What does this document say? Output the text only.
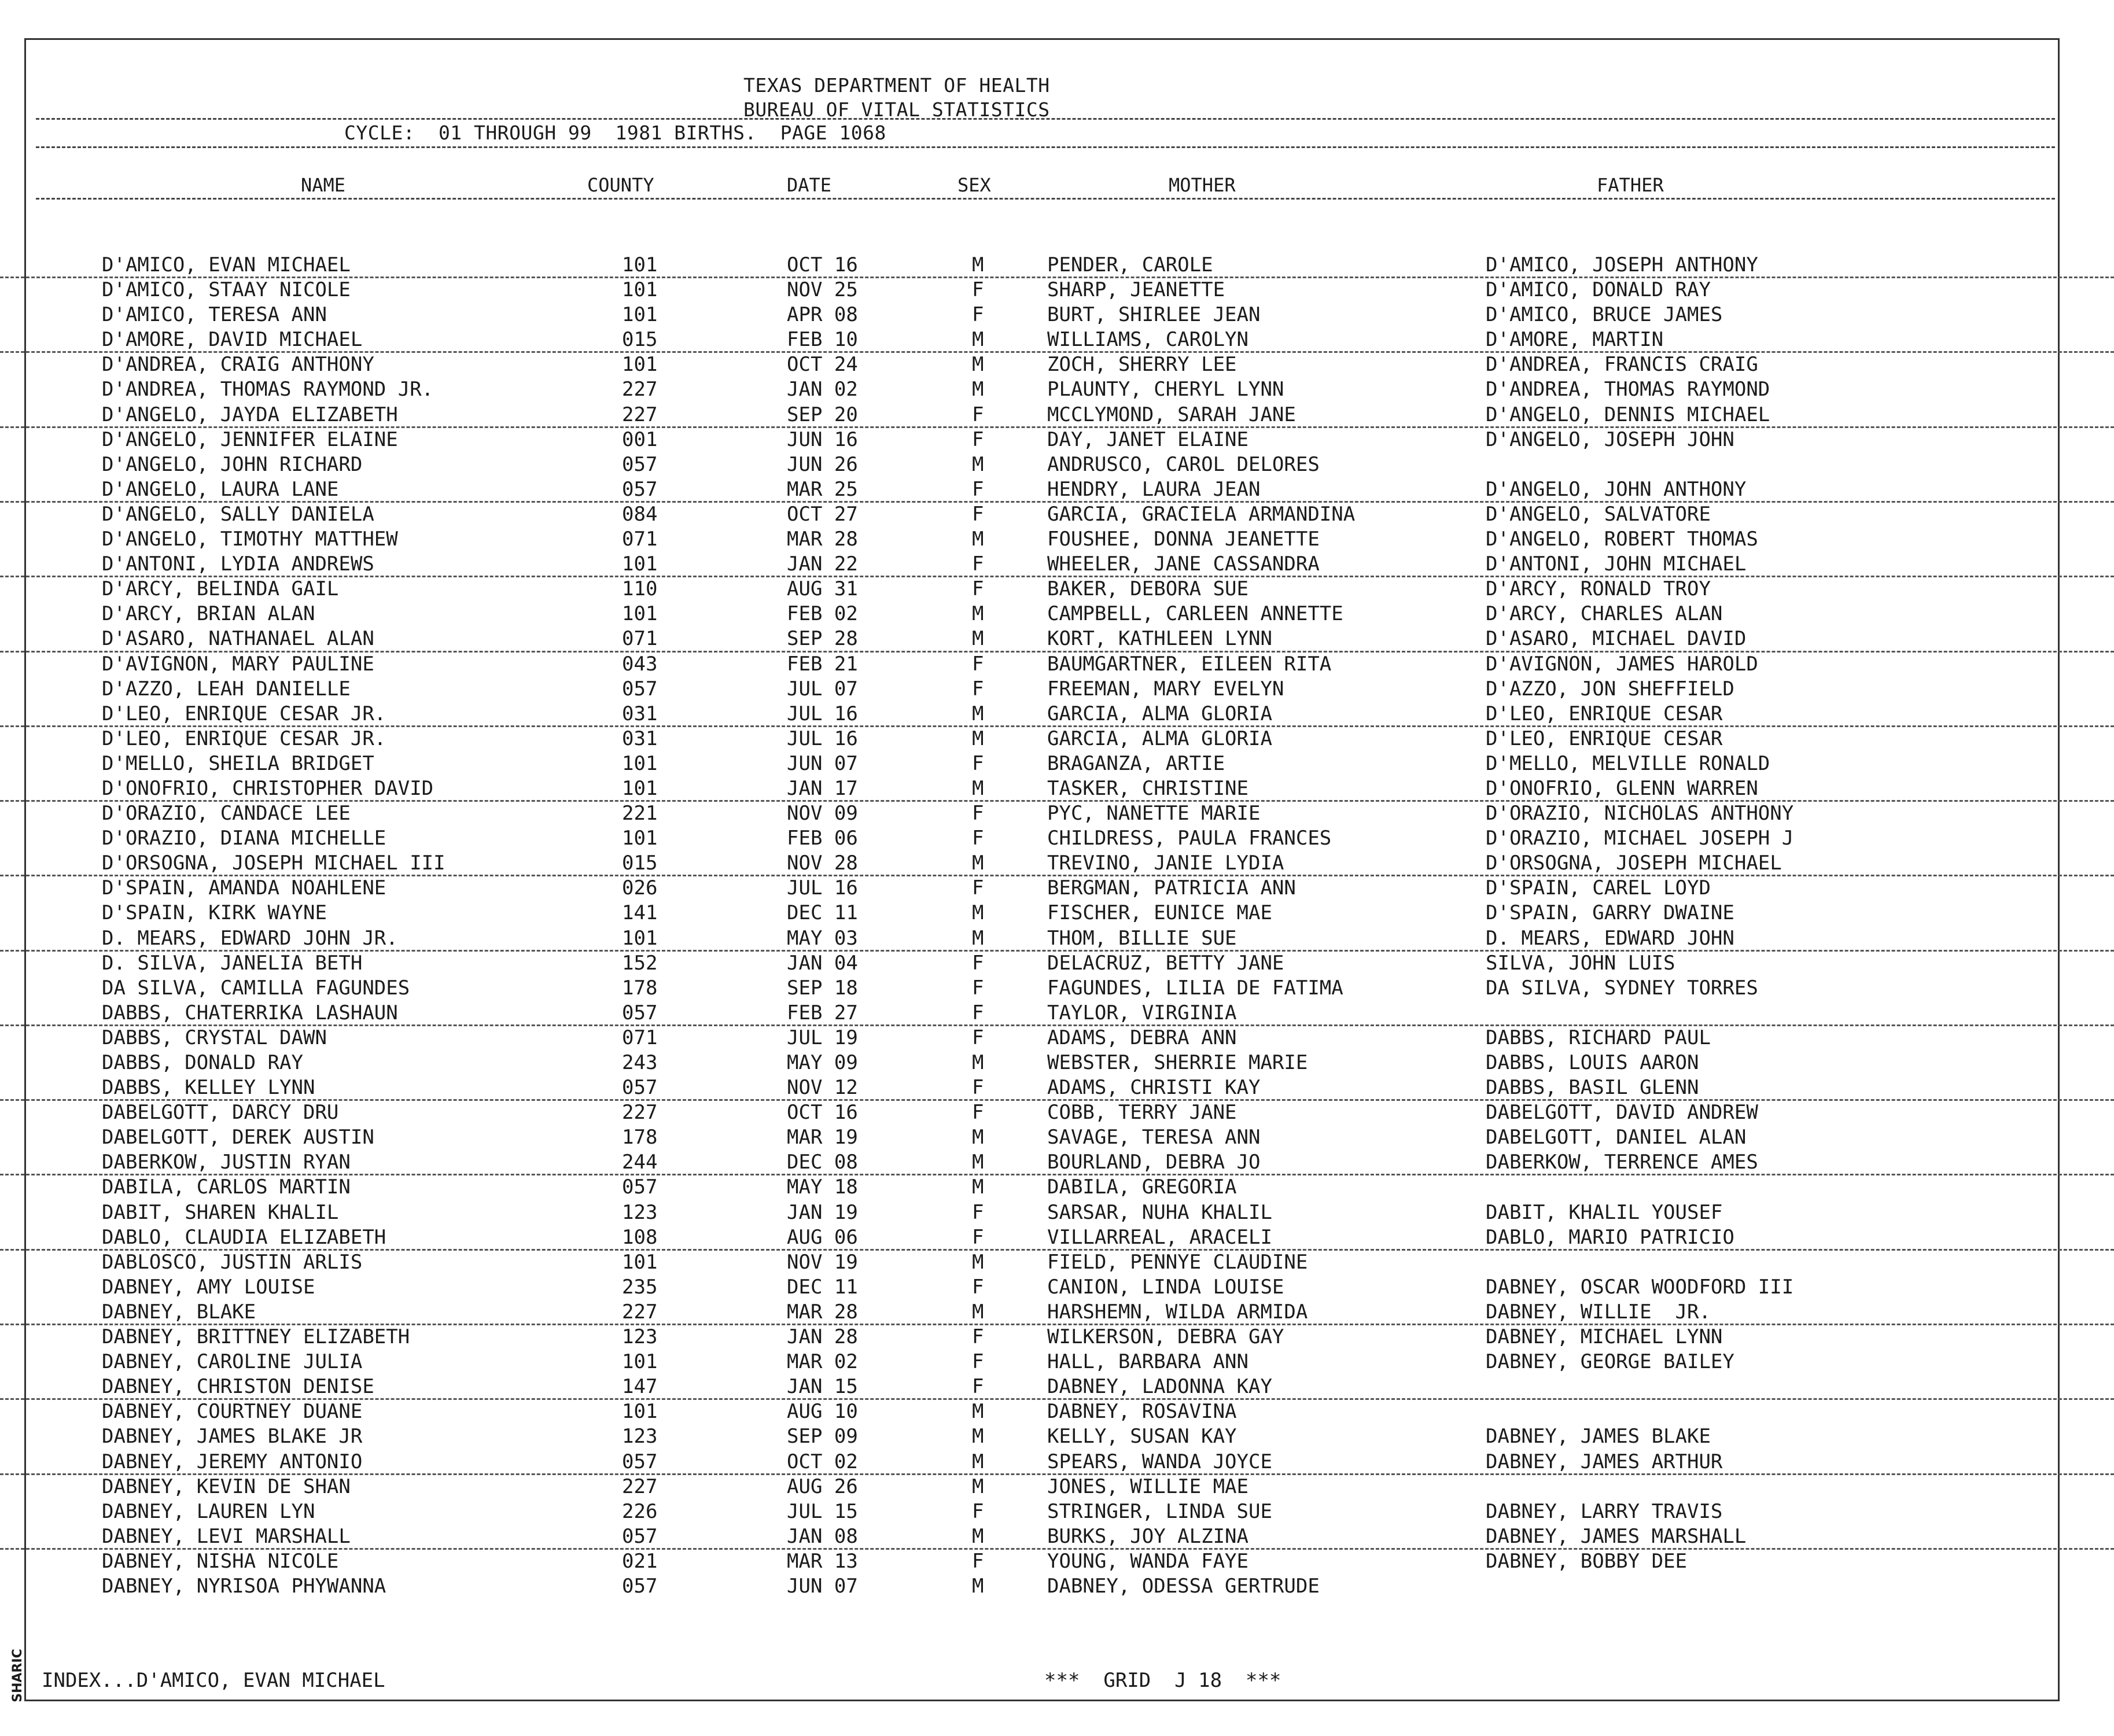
TEXAS DEPARTMENT OF HEALTH
BUREAU OF VITAL STATISTICS
CYCLE:  01 THROUGH 99  1981 BIRTHS.  PAGE 1068
NAME	COUNTY	DATE	SEX	MOTHER	FATHER
D'AMICO, EVAN MICHAEL	101	OCT 16	M	PENDER, CAROLE	D'AMICO, JOSEPH ANTHONY
D'AMICO, STAAY NICOLE	101	NOV 25	F	SHARP, JEANETTE	D'AMICO, DONALD RAY
D'AMICO, TERESA ANN	101	APR 08	F	BURT, SHIRLEE JEAN	D'AMICO, BRUCE JAMES
D'AMORE, DAVID MICHAEL	015	FEB 10	M	WILLIAMS, CAROLYN	D'AMORE, MARTIN
D'ANDREA, CRAIG ANTHONY	101	OCT 24	M	ZOCH, SHERRY LEE	D'ANDREA, FRANCIS CRAIG
D'ANDREA, THOMAS RAYMOND JR.	227	JAN 02	M	PLAUNTY, CHERYL LYNN	D'ANDREA, THOMAS RAYMOND
D'ANGELO, JAYDA ELIZABETH	227	SEP 20	F	MCCLYMOND, SARAH JANE	D'ANGELO, DENNIS MICHAEL
D'ANGELO, JENNIFER ELAINE	001	JUN 16	F	DAY, JANET ELAINE	D'ANGELO, JOSEPH JOHN
D'ANGELO, JOHN RICHARD	057	JUN 26	M	ANDRUSCO, CAROL DELORES
D'ANGELO, LAURA LANE	057	MAR 25	F	HENDRY, LAURA JEAN	D'ANGELO, JOHN ANTHONY
D'ANGELO, SALLY DANIELA	084	OCT 27	F	GARCIA, GRACIELA ARMANDINA	D'ANGELO, SALVATORE
D'ANGELO, TIMOTHY MATTHEW	071	MAR 28	M	FOUSHEE, DONNA JEANETTE	D'ANGELO, ROBERT THOMAS
D'ANTONI, LYDIA ANDREWS	101	JAN 22	F	WHEELER, JANE CASSANDRA	D'ANTONI, JOHN MICHAEL
D'ARCY, BELINDA GAIL	110	AUG 31	F	BAKER, DEBORA SUE	D'ARCY, RONALD TROY
D'ARCY, BRIAN ALAN	101	FEB 02	M	CAMPBELL, CARLEEN ANNETTE	D'ARCY, CHARLES ALAN
D'ASARO, NATHANAEL ALAN	071	SEP 28	M	KORT, KATHLEEN LYNN	D'ASARO, MICHAEL DAVID
D'AVIGNON, MARY PAULINE	043	FEB 21	F	BAUMGARTNER, EILEEN RITA	D'AVIGNON, JAMES HAROLD
D'AZZO, LEAH DANIELLE	057	JUL 07	F	FREEMAN, MARY EVELYN	D'AZZO, JON SHEFFIELD
D'LEO, ENRIQUE CESAR JR.	031	JUL 16	M	GARCIA, ALMA GLORIA	D'LEO, ENRIQUE CESAR
D'LEO, ENRIQUE CESAR JR.	031	JUL 16	M	GARCIA, ALMA GLORIA	D'LEO, ENRIQUE CESAR
D'MELLO, SHEILA BRIDGET	101	JUN 07	F	BRAGANZA, ARTIE	D'MELLO, MELVILLE RONALD
D'ONOFRIO, CHRISTOPHER DAVID	101	JAN 17	M	TASKER, CHRISTINE	D'ONOFRIO, GLENN WARREN
D'ORAZIO, CANDACE LEE	221	NOV 09	F	PYC, NANETTE MARIE	D'ORAZIO, NICHOLAS ANTHONY
D'ORAZIO, DIANA MICHELLE	101	FEB 06	F	CHILDRESS, PAULA FRANCES	D'ORAZIO, MICHAEL JOSEPH J
D'ORSOGNA, JOSEPH MICHAEL III	015	NOV 28	M	TREVINO, JANIE LYDIA	D'ORSOGNA, JOSEPH MICHAEL
D'SPAIN, AMANDA NOAHLENE	026	JUL 16	F	BERGMAN, PATRICIA ANN	D'SPAIN, CAREL LOYD
D'SPAIN, KIRK WAYNE	141	DEC 11	M	FISCHER, EUNICE MAE	D'SPAIN, GARRY DWAINE
D. MEARS, EDWARD JOHN JR.	101	MAY 03	M	THOM, BILLIE SUE	D. MEARS, EDWARD JOHN
D. SILVA, JANELIA BETH	152	JAN 04	F	DELACRUZ, BETTY JANE	SILVA, JOHN LUIS
DA SILVA, CAMILLA FAGUNDES	178	SEP 18	F	FAGUNDES, LILIA DE FATIMA	DA SILVA, SYDNEY TORRES
DABBS, CHATERRIKA LASHAUN	057	FEB 27	F	TAYLOR, VIRGINIA
DABBS, CRYSTAL DAWN	071	JUL 19	F	ADAMS, DEBRA ANN	DABBS, RICHARD PAUL
DABBS, DONALD RAY	243	MAY 09	M	WEBSTER, SHERRIE MARIE	DABBS, LOUIS AARON
DABBS, KELLEY LYNN	057	NOV 12	F	ADAMS, CHRISTI KAY	DABBS, BASIL GLENN
DABELGOTT, DARCY DRU	227	OCT 16	F	COBB, TERRY JANE	DABELGOTT, DAVID ANDREW
DABELGOTT, DEREK AUSTIN	178	MAR 19	M	SAVAGE, TERESA ANN	DABELGOTT, DANIEL ALAN
DABERKOW, JUSTIN RYAN	244	DEC 08	M	BOURLAND, DEBRA JO	DABERKOW, TERRENCE AMES
DABILA, CARLOS MARTIN	057	MAY 18	M	DABILA, GREGORIA
DABIT, SHAREN KHALIL	123	JAN 19	F	SARSAR, NUHA KHALIL	DABIT, KHALIL YOUSEF
DABLO, CLAUDIA ELIZABETH	108	AUG 06	F	VILLARREAL, ARACELI	DABLO, MARIO PATRICIO
DABLOSCO, JUSTIN ARLIS	101	NOV 19	M	FIELD, PENNYE CLAUDINE
DABNEY, AMY LOUISE	235	DEC 11	F	CANION, LINDA LOUISE	DABNEY, OSCAR WOODFORD III
DABNEY, BLAKE	227	MAR 28	M	HARSHEMN, WILDA ARMIDA	DABNEY, WILLIE  JR.
DABNEY, BRITTNEY ELIZABETH	123	JAN 28	F	WILKERSON, DEBRA GAY	DABNEY, MICHAEL LYNN
DABNEY, CAROLINE JULIA	101	MAR 02	F	HALL, BARBARA ANN	DABNEY, GEORGE BAILEY
DABNEY, CHRISTON DENISE	147	JAN 15	F	DABNEY, LADONNA KAY
DABNEY, COURTNEY DUANE	101	AUG 10	M	DABNEY, ROSAVINA
DABNEY, JAMES BLAKE JR	123	SEP 09	M	KELLY, SUSAN KAY	DABNEY, JAMES BLAKE
DABNEY, JEREMY ANTONIO	057	OCT 02	M	SPEARS, WANDA JOYCE	DABNEY, JAMES ARTHUR
DABNEY, KEVIN DE SHAN	227	AUG 26	M	JONES, WILLIE MAE
DABNEY, LAUREN LYN	226	JUL 15	F	STRINGER, LINDA SUE	DABNEY, LARRY TRAVIS
DABNEY, LEVI MARSHALL	057	JAN 08	M	BURKS, JOY ALZINA	DABNEY, JAMES MARSHALL
DABNEY, NISHA NICOLE	021	MAR 13	F	YOUNG, WANDA FAYE	DABNEY, BOBBY DEE
DABNEY, NYRISOA PHYWANNA	057	JUN 07	M	DABNEY, ODESSA GERTRUDE
INDEX...D'AMICO, EVAN MICHAEL	***  GRID  J 18  ***
SHARIC
